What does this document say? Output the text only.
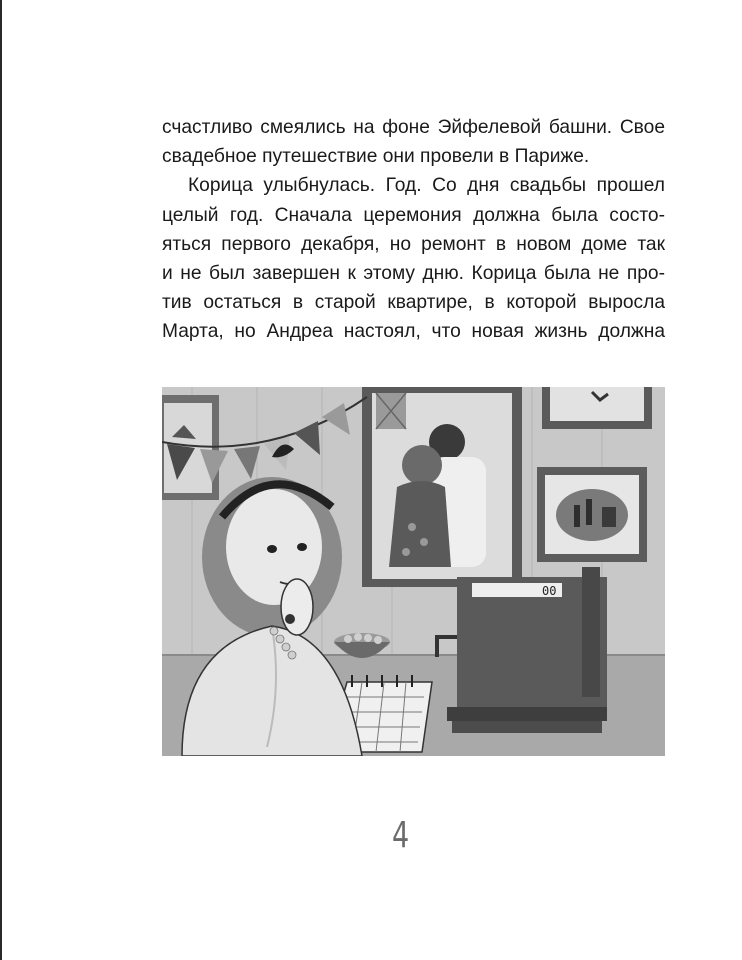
счастливо смеялись на фоне Эйфелевой башни. Свое
свадебное путешествие они провели в Париже.
Корица улыбнулась. Год. Со дня свадьбы прошел
целый год. Сначала церемония должна была состо-
яться первого декабря, но ремонт в новом доме так
и не был завершен к этому дню. Корица была не про-
тив остаться в старой квартире, в которой выросла
Марта, но Андреа настоял, что новая жизнь должна
00
4
